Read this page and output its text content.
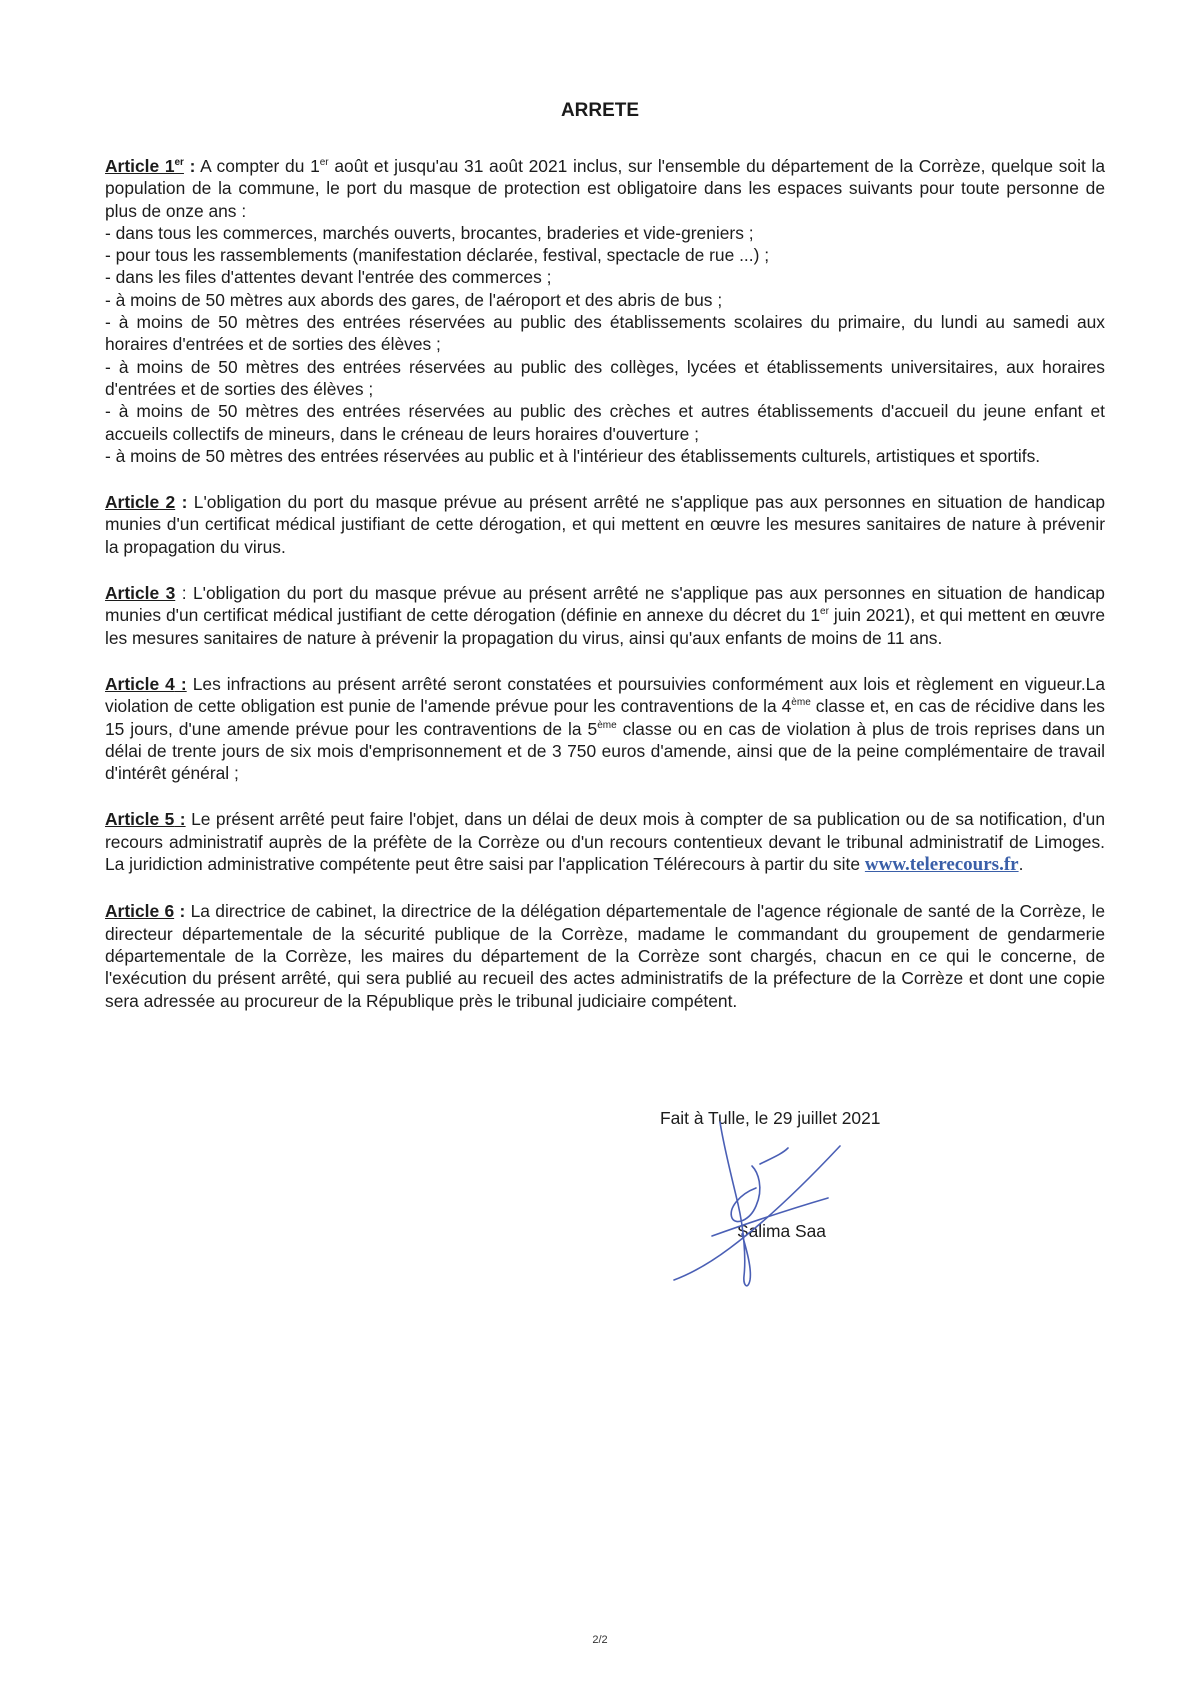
ARRETE

Article 1er : A compter du 1er août et jusqu'au 31 août 2021 inclus, sur l'ensemble du département de la Corrèze, quelque soit la population de la commune, le port du masque de protection est obligatoire dans les espaces suivants pour toute personne de plus de onze ans :

- dans tous les commerces, marchés ouverts, brocantes, braderies et vide-greniers ;

- pour tous les rassemblements (manifestation déclarée, festival, spectacle de rue ...) ;

- dans les files d'attentes devant l'entrée des commerces ;

- à moins de 50 mètres aux abords des gares, de l'aéroport et des abris de bus ;

- à moins de 50 mètres des entrées réservées au public des établissements scolaires du primaire, du lundi au samedi aux horaires d'entrées et de sorties des élèves ;

- à moins de 50 mètres des entrées réservées au public des collèges, lycées et établissements universitaires, aux horaires d'entrées et de sorties des élèves ;

- à moins de 50 mètres des entrées réservées au public des crèches et autres établissements d'accueil du jeune enfant et accueils collectifs de mineurs, dans le créneau de leurs horaires d'ouverture ;

- à moins de 50 mètres des entrées réservées au public et à l'intérieur des établissements culturels, artistiques et sportifs.

Article 2 : L'obligation du port du masque prévue au présent arrêté ne s'applique pas aux personnes en situation de handicap munies d'un certificat médical justifiant de cette dérogation, et qui mettent en œuvre les mesures sanitaires de nature à prévenir la propagation du virus.

Article 3 : L'obligation du port du masque prévue au présent arrêté ne s'applique pas aux personnes en situation de handicap munies d'un certificat médical justifiant de cette dérogation (définie en annexe du décret du 1er juin 2021), et qui mettent en œuvre les mesures sanitaires de nature à prévenir la propagation du virus, ainsi qu'aux enfants de moins de 11 ans.

Article 4 : Les infractions au présent arrêté seront constatées et poursuivies conformément aux lois et règlement en vigueur.La violation de cette obligation est punie de l'amende prévue pour les contraventions de la 4ème classe et, en cas de récidive dans les 15 jours, d'une amende prévue pour les contraventions de la 5ème classe ou en cas de violation à plus de trois reprises dans un délai de trente jours de six mois d'emprisonnement et de 3 750 euros d'amende, ainsi que de la peine complémentaire de travail d'intérêt général ;

Article 5 : Le présent arrêté peut faire l'objet, dans un délai de deux mois à compter de sa publication ou de sa notification, d'un recours administratif auprès de la préfète de la Corrèze ou d'un recours contentieux devant le tribunal administratif de Limoges. La juridiction administrative compétente peut être saisi par l'application Télérecours à partir du site www.telerecours.fr.

Article 6 : La directrice de cabinet, la directrice de la délégation départementale de l'agence régionale de santé de la Corrèze, le directeur départementale de la sécurité publique de la Corrèze, madame le commandant du groupement de gendarmerie départementale de la Corrèze, les maires du département de la Corrèze sont chargés, chacun en ce qui le concerne, de l'exécution du présent arrêté, qui sera publié au recueil des actes administratifs de la préfecture de la Corrèze et dont une copie sera adressée au procureur de la République près le tribunal judiciaire compétent.

Fait à Tulle, le 29 juillet 2021
Salima Saa
2/2
